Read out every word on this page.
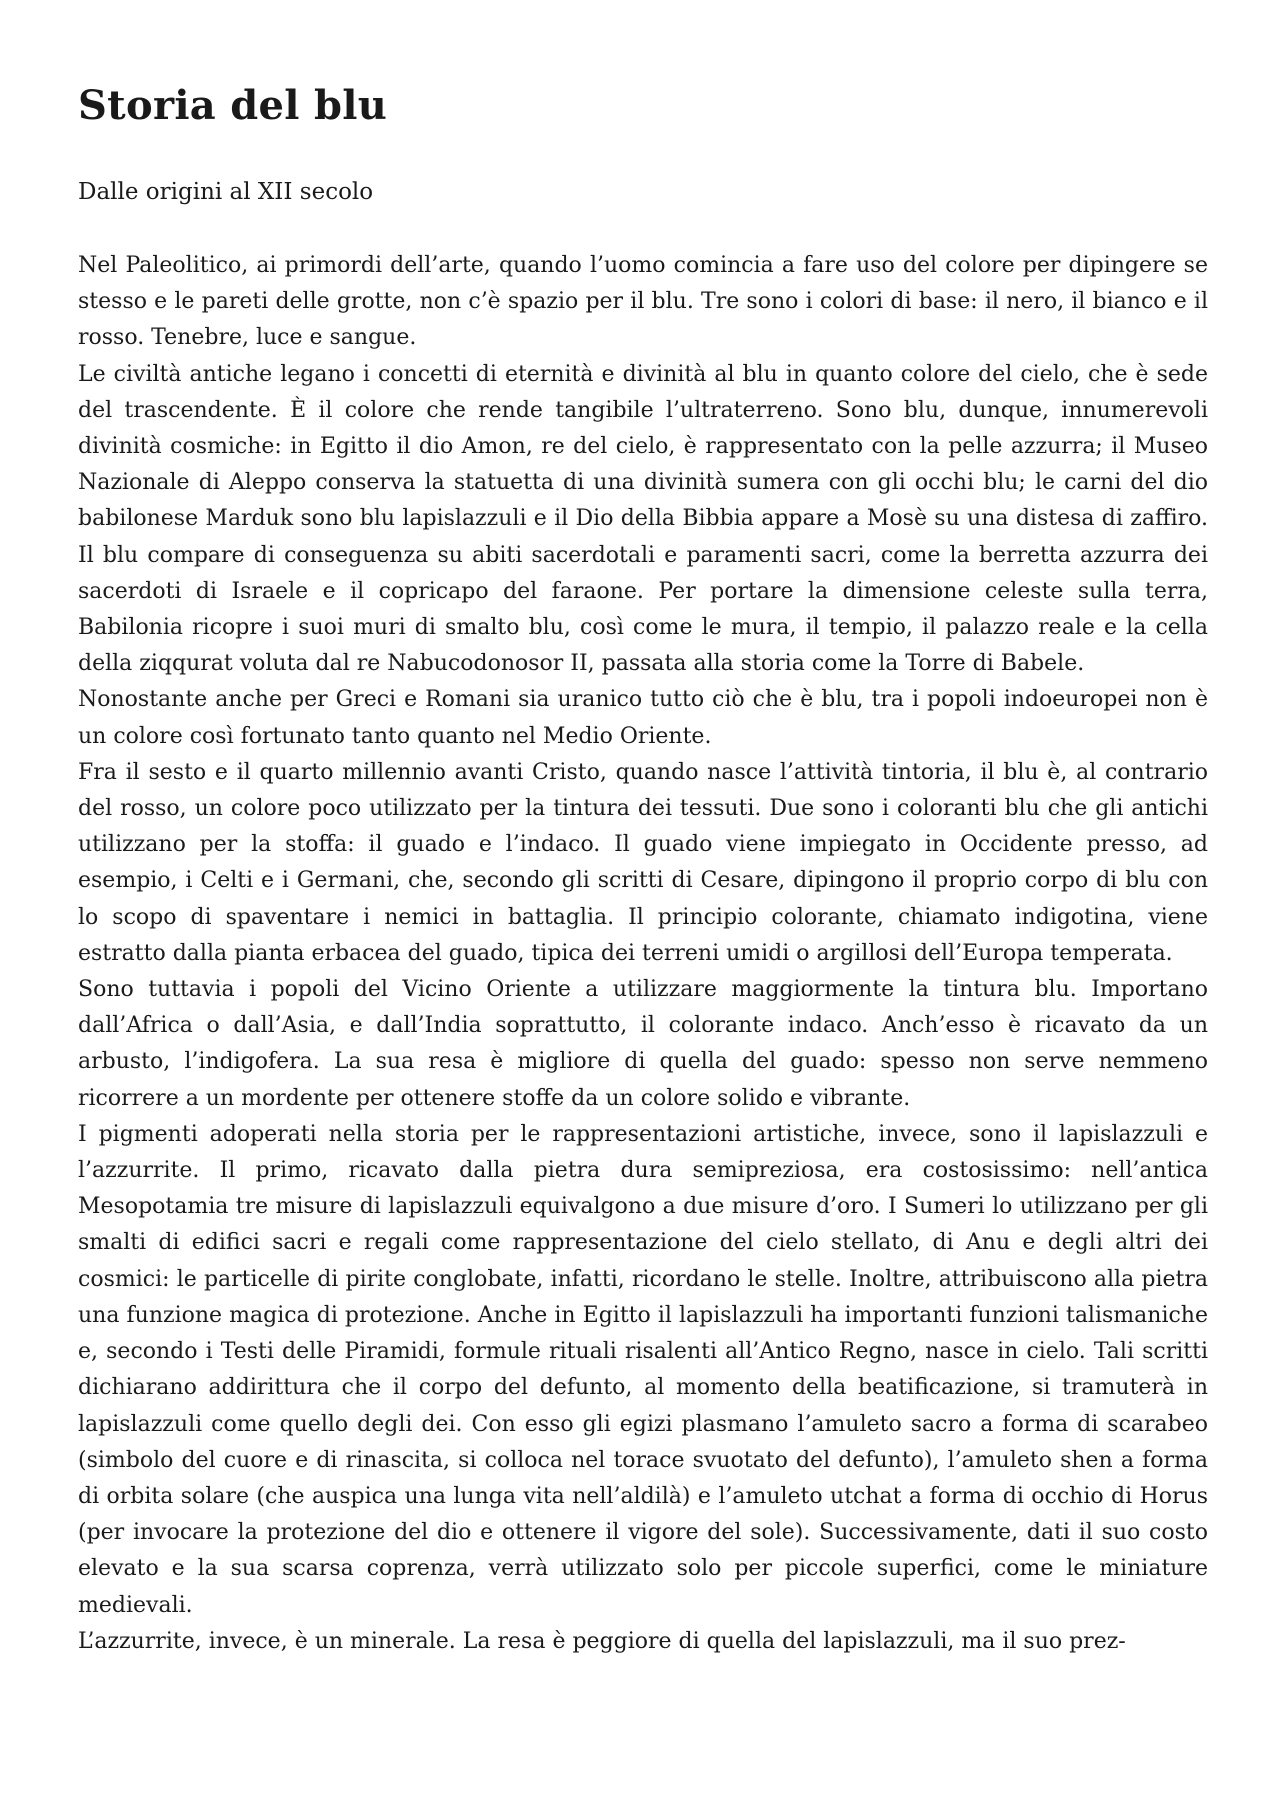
Storia del blu
Dalle origini al XII secolo

Nel Paleolitico, ai primordi dell’arte, quando l’uomo comincia a fare uso del colore per dipingere se stesso e le pareti delle grotte, non c’è spazio per il blu. Tre sono i colori di base: il nero, il bianco e il rosso. Tenebre, luce e sangue.

Le civiltà antiche legano i concetti di eternità e divinità al blu in quanto colore del cielo, che è sede del trascendente. È il colore che rende tangibile l’ultraterreno. Sono blu, dunque, innumerevoli divinità cosmiche: in Egitto il dio Amon, re del cielo, è rappresentato con la pelle azzurra; il Museo Nazionale di Aleppo conserva la statuetta di una divinità sumera con gli occhi blu; le carni del dio babilonese Marduk sono blu lapislazzuli e il Dio della Bibbia appare a Mosè su una distesa di zaffiro. Il blu compare di conseguenza su abiti sacerdotali e paramenti sacri, come la berretta azzurra dei sacerdoti di Israele e il copricapo del faraone. Per portare la dimensione celeste sulla terra, Babilonia ricopre i suoi muri di smalto blu, così come le mura, il tempio, il palazzo reale e la cella della ziqqurat voluta dal re Nabucodonosor II, passata alla storia come la Torre di Babele.

Nonostante anche per Greci e Romani sia uranico tutto ciò che è blu, tra i popoli indoeuropei non è un colore così fortunato tanto quanto nel Medio Oriente.

Fra il sesto e il quarto millennio avanti Cristo, quando nasce l’attività tintoria, il blu è, al contrario del rosso, un colore poco utilizzato per la tintura dei tessuti. Due sono i coloranti blu che gli antichi utilizzano per la stoffa: il guado e l’indaco. Il guado viene impiegato in Occidente presso, ad esempio, i Celti e i Germani, che, secondo gli scritti di Cesare, dipingono il proprio corpo di blu con lo scopo di spaventare i nemici in battaglia. Il principio colorante, chiamato indigotina, viene estratto dalla pianta erbacea del guado, tipica dei terreni umidi o argillosi dell’Europa temperata.

Sono tuttavia i popoli del Vicino Oriente a utilizzare maggiormente la tintura blu. Importano dall’Africa o dall’Asia, e dall’India soprattutto, il colorante indaco. Anch’esso è ricavato da un arbusto, l’indigofera. La sua resa è migliore di quella del guado: spesso non serve nemmeno ricorrere a un mordente per ottenere stoffe da un colore solido e vibrante.

I pigmenti adoperati nella storia per le rappresentazioni artistiche, invece, sono il lapislazzuli e l’azzurrite. Il primo, ricavato dalla pietra dura semipreziosa, era costosissimo: nell’antica Mesopotamia tre misure di lapislazzuli equivalgono a due misure d’oro. I Sumeri lo utilizzano per gli smalti di edifici sacri e regali come rappresentazione del cielo stellato, di Anu e degli altri dei cosmici: le particelle di pirite conglobate, infatti, ricordano le stelle. Inoltre, attribuiscono alla pietra una funzione magica di protezione. Anche in Egitto il lapislazzuli ha importanti funzioni talismaniche e, secondo i Testi delle Piramidi, formule rituali risalenti all’Antico Regno, nasce in cielo. Tali scritti dichiarano addirittura che il corpo del defunto, al momento della beatificazione, si tramuterà in lapislazzuli come quello degli dei. Con esso gli egizi plasmano l’amuleto sacro a forma di scarabeo (simbolo del cuore e di rinascita, si colloca nel torace svuotato del defunto), l’amuleto shen a forma di orbita solare (che auspica una lunga vita nell’aldilà) e l’amuleto utchat a forma di occhio di Horus (per invocare la protezione del dio e ottenere il vigore del sole). Successivamente, dati il suo costo elevato e la sua scarsa coprenza, verrà utilizzato solo per piccole superfici, come le miniature medievali.

L’azzurrite, invece, è un minerale. La resa è peggiore di quella del lapislazzuli, ma il suo prez-
